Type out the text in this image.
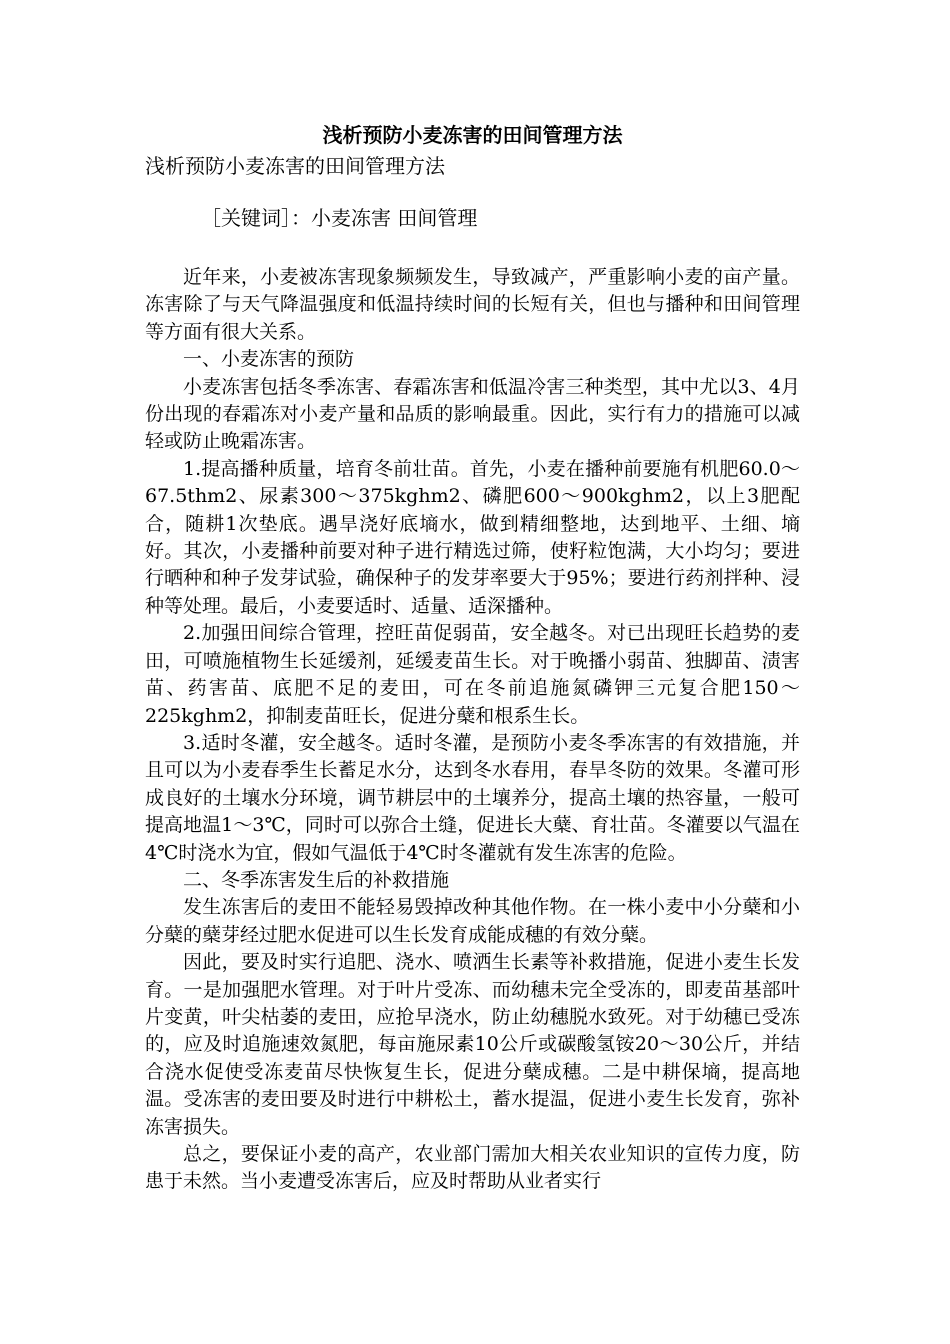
浅析预防小麦冻害的田间管理方法

浅析预防小麦冻害的田间管理方法

［关键词］：小麦冻害 田间管理

近年来，小麦被冻害现象频频发生，导致减产，严重影响小麦的亩产量。冻害除了与天气降温强度和低温持续时间的长短有关，但也与播种和田间管理等方面有很大关系。

一、小麦冻害的预防

小麦冻害包括冬季冻害、春霜冻害和低温冷害三种类型，其中尤以3、4月份出现的春霜冻对小麦产量和品质的影响最重。因此，实行有力的措施可以减轻或防止晚霜冻害。

1.提高播种质量，培育冬前壮苗。首先，小麦在播种前要施有机肥60.0～67.5thm2、尿素300～375kghm2、磷肥600～900kghm2，以上3肥配合，随耕1次垫底。遇旱浇好底墒水，做到精细整地，达到地平、土细、墒好。其次，小麦播种前要对种子进行精选过筛，使籽粒饱满，大小均匀；要进行晒种和种子发芽试验，确保种子的发芽率要大于95%；要进行药剂拌种、浸种等处理。最后，小麦要适时、适量、适深播种。

2.加强田间综合管理，控旺苗促弱苗，安全越冬。对已出现旺长趋势的麦田，可喷施植物生长延缓剂，延缓麦苗生长。对于晚播小弱苗、独脚苗、渍害苗、药害苗、底肥不足的麦田，可在冬前追施氮磷钾三元复合肥150～225kghm2，抑制麦苗旺长，促进分蘖和根系生长。

3.适时冬灌，安全越冬。适时冬灌，是预防小麦冬季冻害的有效措施，并且可以为小麦春季生长蓄足水分，达到冬水春用，春旱冬防的效果。冬灌可形成良好的土壤水分环境，调节耕层中的土壤养分，提高土壤的热容量，一般可提高地温1～3℃，同时可以弥合土缝，促进长大蘖、育壮苗。冬灌要以气温在4℃时浇水为宜，假如气温低于4℃时冬灌就有发生冻害的危险。

二、冬季冻害发生后的补救措施

发生冻害后的麦田不能轻易毁掉改种其他作物。在一株小麦中小分蘖和小分蘖的蘖芽经过肥水促进可以生长发育成能成穗的有效分蘖。

因此，要及时实行追肥、浇水、喷洒生长素等补救措施，促进小麦生长发育。一是加强肥水管理。对于叶片受冻、而幼穗未完全受冻的，即麦苗基部叶片变黄，叶尖枯萎的麦田，应抢早浇水，防止幼穗脱水致死。对于幼穗已受冻的，应及时追施速效氮肥，每亩施尿素10公斤或碳酸氢铵20～30公斤，并结合浇水促使受冻麦苗尽快恢复生长，促进分蘖成穗。二是中耕保墒，提高地温。受冻害的麦田要及时进行中耕松土，蓄水提温，促进小麦生长发育，弥补冻害损失。

总之，要保证小麦的高产，农业部门需加大相关农业知识的宣传力度，防患于未然。当小麦遭受冻害后，应及时帮助从业者实行
